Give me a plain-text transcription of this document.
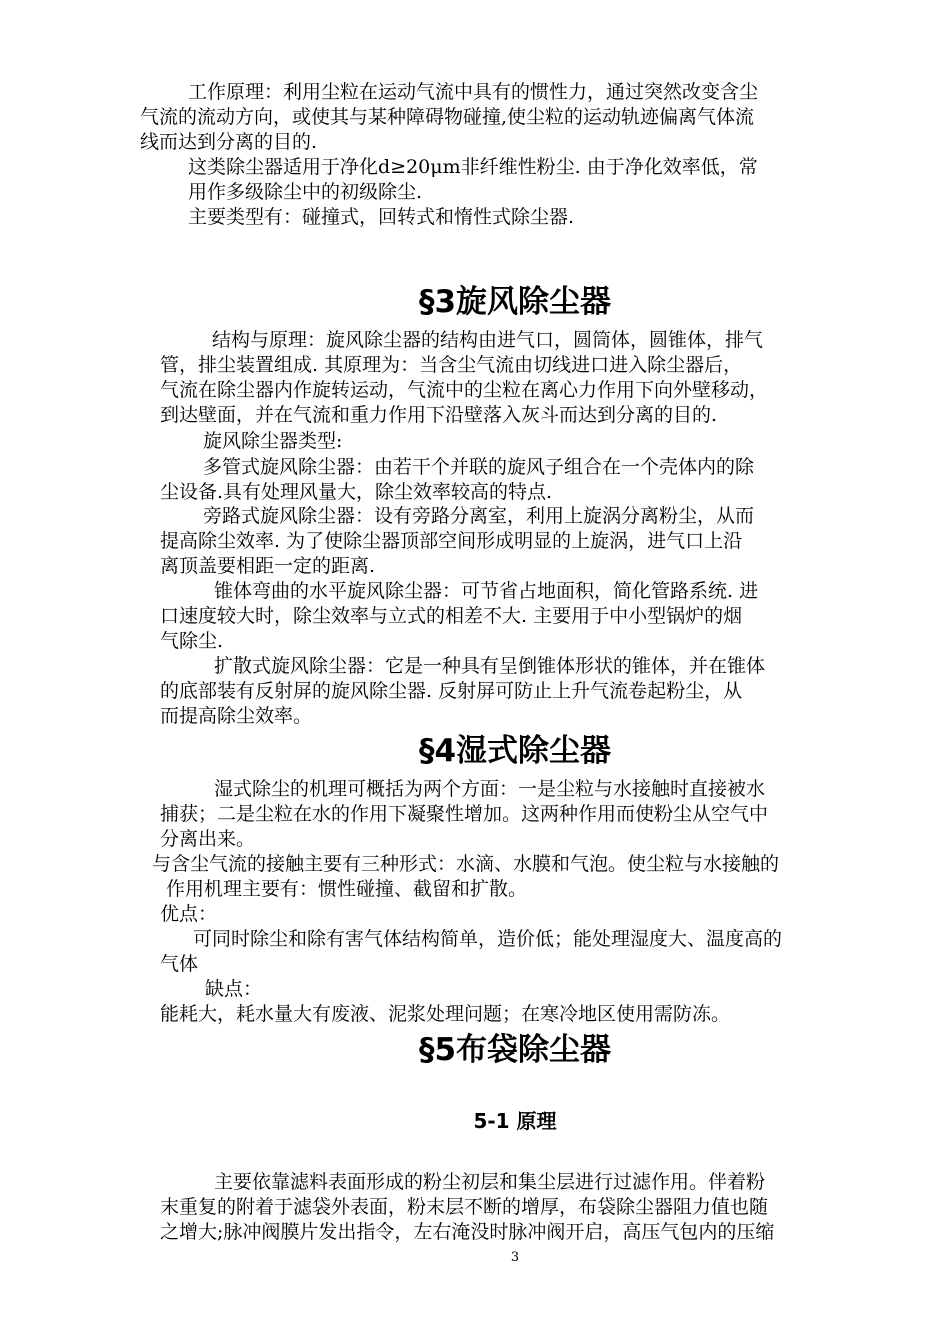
工作原理：利用尘粒在运动气流中具有的惯性力，通过突然改变含尘
气流的流动方向，或使其与某种障碍物碰撞,使尘粒的运动轨迹偏离气体流
线而达到分离的目的.
这类除尘器适用于净化d≥20μm非纤维性粉尘. 由于净化效率低，常
用作多级除尘中的初级除尘.
主要类型有：碰撞式，回转式和惰性式除尘器.
§3旋风除尘器
结构与原理：旋风除尘器的结构由进气口，圆筒体，圆锥体，排气
管，排尘装置组成. 其原理为：当含尘气流由切线进口进入除尘器后，
气流在除尘器内作旋转运动，气流中的尘粒在离心力作用下向外壁移动，
到达壁面，并在气流和重力作用下沿壁落入灰斗而达到分离的目的.
旋风除尘器类型:
多管式旋风除尘器：由若干个并联的旋风子组合在一个壳体内的除
尘设备.具有处理风量大，除尘效率较高的特点.
旁路式旋风除尘器：设有旁路分离室，利用上旋涡分离粉尘，从而
提高除尘效率. 为了使除尘器顶部空间形成明显的上旋涡，进气口上沿
离顶盖要相距一定的距离.
锥体弯曲的水平旋风除尘器：可节省占地面积，简化管路系统. 进
口速度较大时，除尘效率与立式的相差不大. 主要用于中小型锅炉的烟
气除尘.
扩散式旋风除尘器：它是一种具有呈倒锥体形状的锥体，并在锥体
的底部装有反射屏的旋风除尘器. 反射屏可防止上升气流卷起粉尘，从
而提高除尘效率。
§4湿式除尘器
湿式除尘的机理可概括为两个方面：一是尘粒与水接触时直接被水
捕获；二是尘粒在水的作用下凝聚性增加。这两种作用而使粉尘从空气中
分离出来。
与含尘气流的接触主要有三种形式：水滴、水膜和气泡。使尘粒与水接触的
作用机理主要有：惯性碰撞、截留和扩散。
优点：
可同时除尘和除有害气体结构简单，造价低；能处理湿度大、温度高的
气体
缺点：
能耗大，耗水量大有废液、泥浆处理问题；在寒冷地区使用需防冻。
§5布袋除尘器
5-1 原理
主要依靠滤料表面形成的粉尘初层和集尘层进行过滤作用。伴着粉
末重复的附着于滤袋外表面，粉末层不断的增厚，布袋除尘器阻力值也随
之增大;脉冲阀膜片发出指令，左右淹没时脉冲阀开启，高压气包内的压缩
3
